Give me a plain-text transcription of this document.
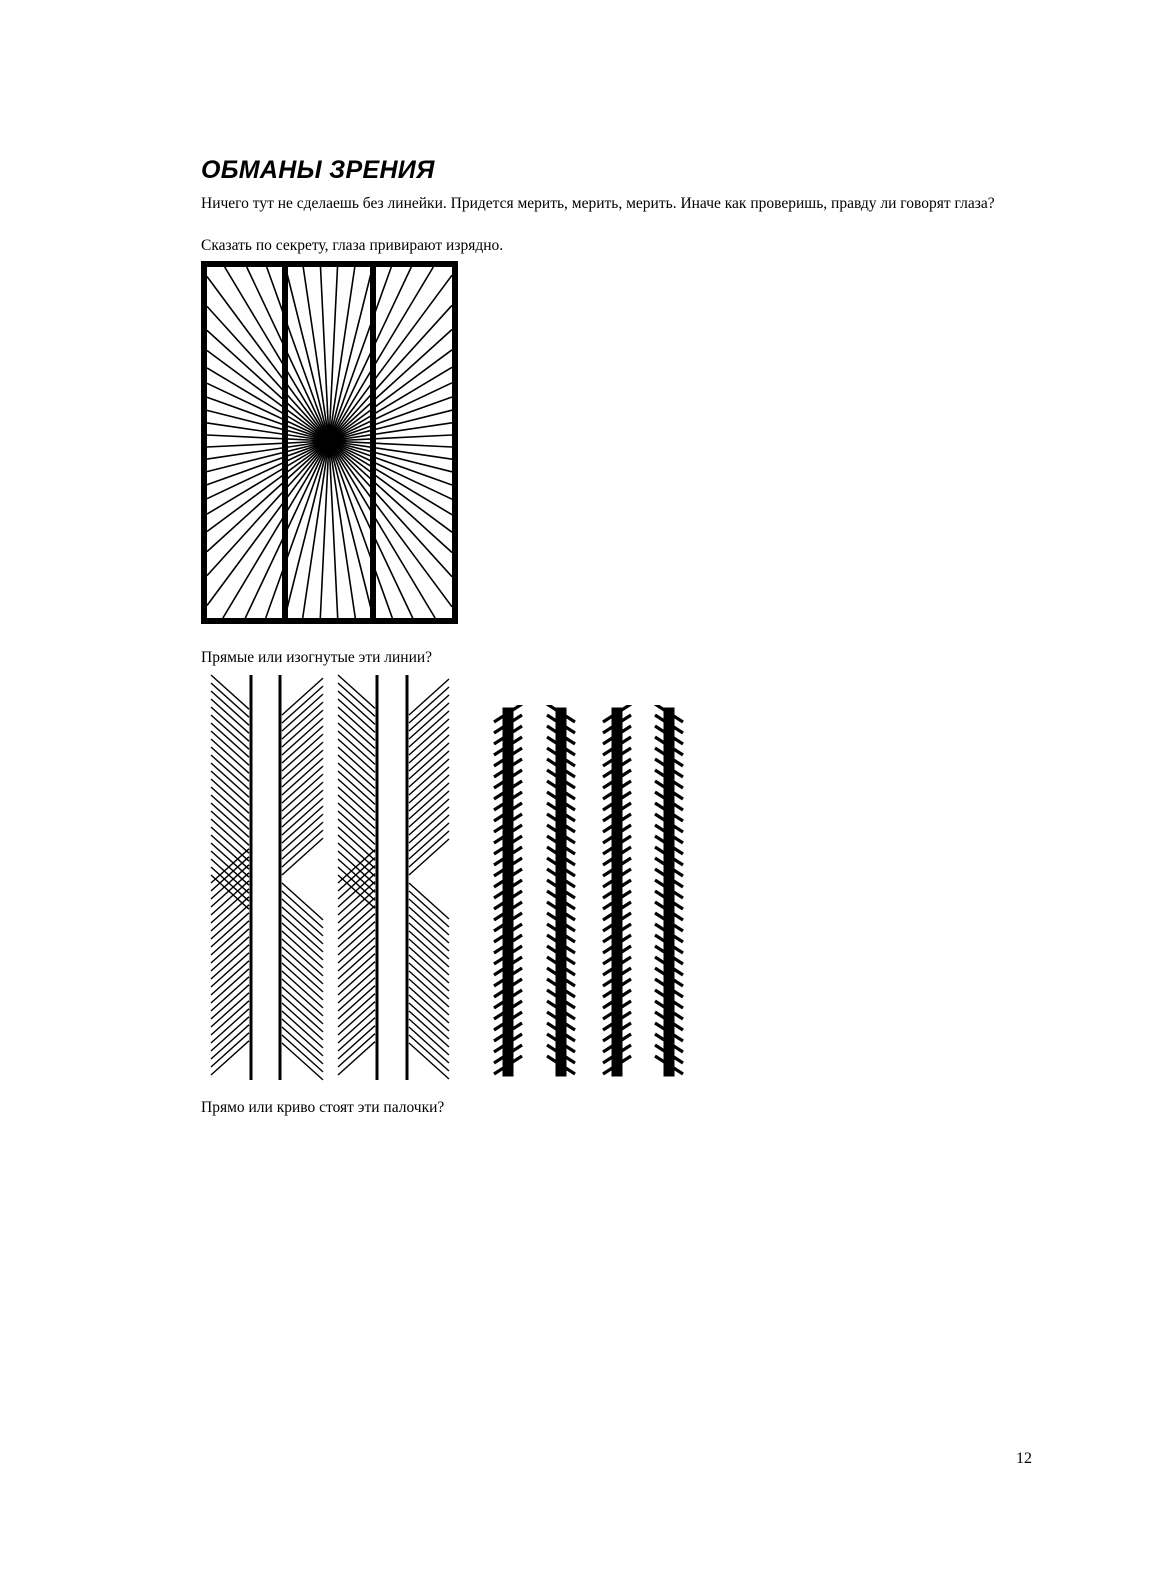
ОБМАНЫ ЗРЕНИЯ

Ничего тут не сделаешь без линейки. Придется мерить, мерить, мерить. Иначе как проверишь, правду ли говорят глаза?

Сказать по секрету, глаза привирают изрядно.

Прямые или изогнутые эти линии?

Прямо или криво стоят эти палочки?

12
